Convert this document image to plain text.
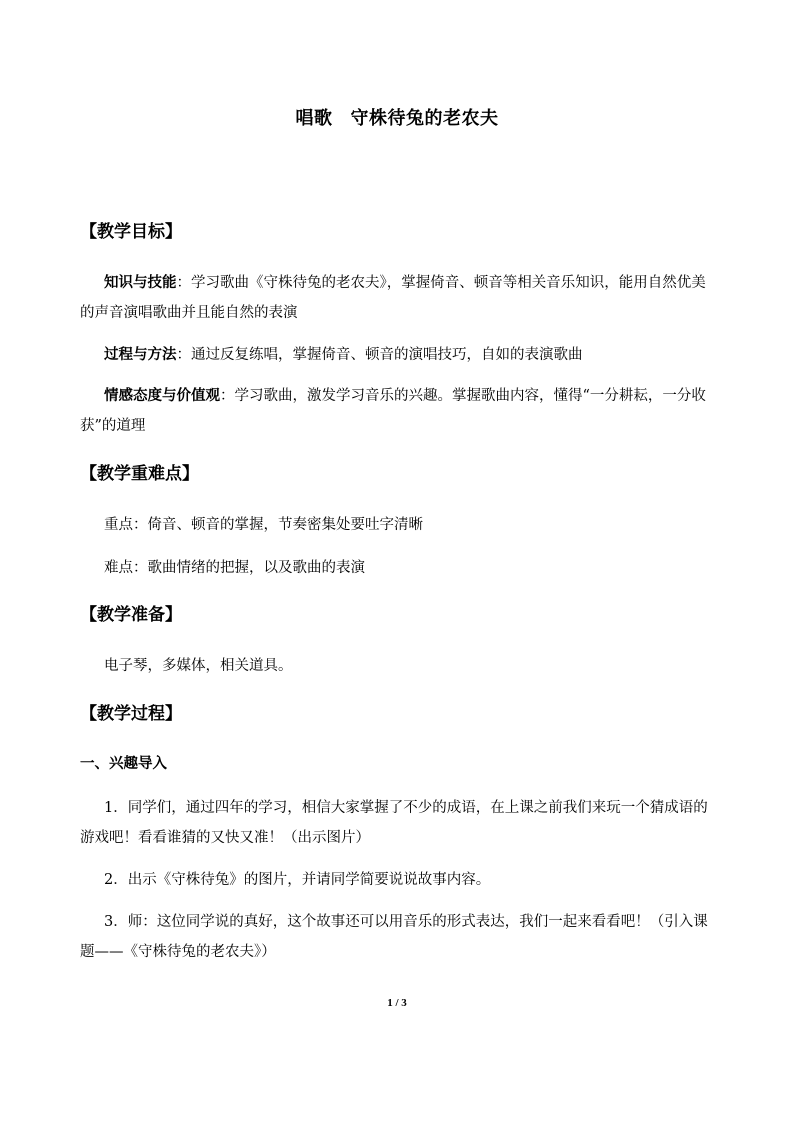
唱歌 守株待兔的老农夫
【教学目标】
知识与技能：学习歌曲《守株待兔的老农夫》，掌握倚音、顿音等相关音乐知识，能用自然优美的声音演唱歌曲并且能自然的表演
过程与方法：通过反复练唱，掌握倚音、顿音的演唱技巧，自如的表演歌曲
情感态度与价值观：学习歌曲，激发学习音乐的兴趣。掌握歌曲内容，懂得“一分耕耘，一分收获”的道理
【教学重难点】
重点：倚音、顿音的掌握，节奏密集处要吐字清晰
难点：歌曲情绪的把握，以及歌曲的表演
【教学准备】
电子琴，多媒体，相关道具。
【教学过程】
一、兴趣导入
1．同学们，通过四年的学习，相信大家掌握了不少的成语，在上课之前我们来玩一个猜成语的游戏吧！看看谁猜的又快又准！（出示图片）
2．出示《守株待兔》的图片，并请同学简要说说故事内容。
3．师：这位同学说的真好，这个故事还可以用音乐的形式表达，我们一起来看看吧！（引入课题——《守株待兔的老农夫》）
1 / 3
